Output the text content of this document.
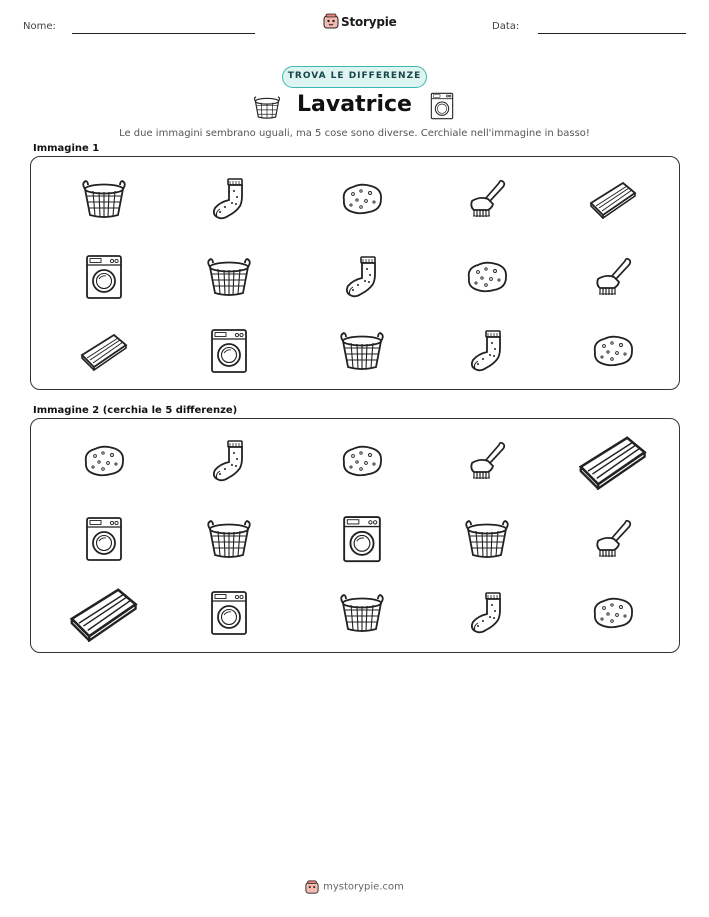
Nome:	Storypie	Data:
TROVA LE DIFFERENZE
Lavatrice
Le due immagini sembrano uguali, ma 5 cose sono diverse. Cerchiale nell'immagine in basso!
Immagine 1
Immagine 2 (cerchia le 5 differenze)
mystorypie.com
